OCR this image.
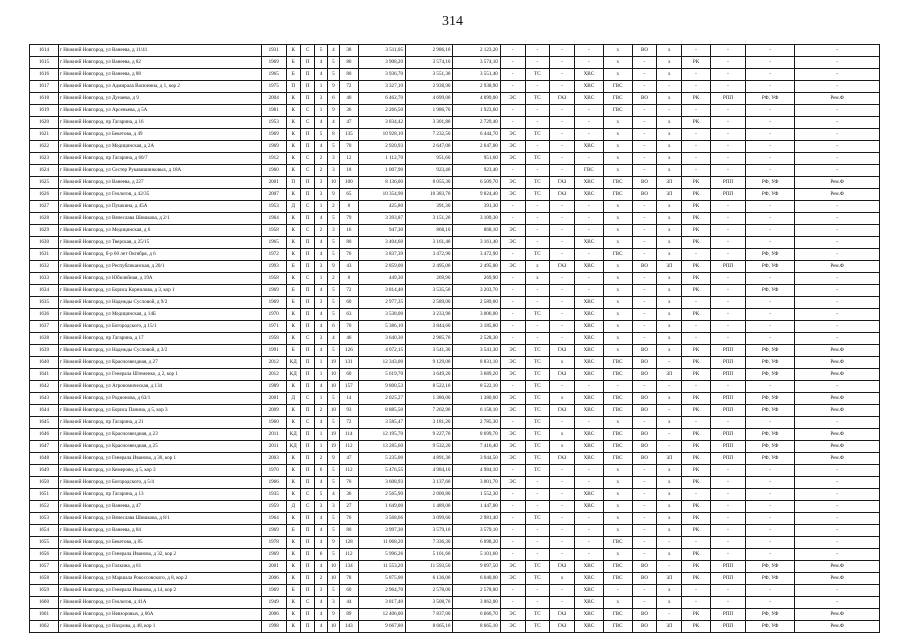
314
1614	г Нижний Новгород, ул Ванеева, д 11/41	1931	К	С	5	4	38	3 511,05	2 986,10	2 123,20	-	-	-	-	х	ВО	х	-	-	-	-
1615	г Нижний Новгород, ул Ванеева, д 82	1969	Б	П	4	5	80	3 908,20	3 574,10	3 574,10	-	-	-	-	х	-	х	РК	-	-	-
1616	г Нижний Новгород, ул Ванеева, д 88	1965	Б	П	4	5	80	3 936,70	3 551,30	3 551,40	-	ТС	-	ХВС	х	-	х	-	-	-	-
1617	г Нижний Новгород, ул Адмирала Васюнина, д 1, кор 2	1975	П	П	1	9	72	3 327,10	2 938,90	2 938,90	-	-	-	ХВС	ГВС	-	-	-	-	-	-
1618	г Нижний Новгород, ул Дунаева, д 9	2004	К	П	3	6	40	6 462,70	4 699,00	4 099,00	ЭС	ТС	ГАЗ	ХВС	ГВС	ВО	х	РК	РПП	РФ, УФ	Рем.Ф
1619	г Нижний Новгород, ул Арсеньева, д 5А	1981	К	С	1	9	36	2 266,50	1 986,70	1 923,60	-	-	-	-	ГВС	-	-	-	-	-	-
1620	г Нижний Новгород, пр Гагарина, д 16	1953	К	С	4	4	47	3 834,42	3 301,80	2 729,40	-	-	-	-	х	-	х	РК	-	-	-
1621	г Нижний Новгород, ул Бекетова, д 49	1969	К	П	5	8	135	10 928,10	7 232,50	6 444,70	ЭС	ТС	-	-	х	-	х	-	-	-	-
1622	г Нижний Новгород, ул Медицинская, д 2А	1969	К	П	4	5	70	2 920,93	2 647,00	2 647,00	ЭС	-	-	ХВС	х	-	х	-	-	-	-
1623	г Нижний Новгород, пр Гагарина, д 60/7	1912	К	С	2	3	12	1 112,70	951,60	951,60	ЭС	ТС	-	-	х	-	х	-	-	-	-
1624	г Нижний Новгород, ул Сестер Рукавишниковых, д 18А	1960	К	С	2	3	18	1 007,90	923,40	923,40	-	-	-	ГВС	х	-	х	-	-	-	-
1625	г Нижний Новгород, ул Ванеева, д 227	2001	П	П	3	10	100	8 136,00	8 055,30	6 509,70	ЭС	ТС	ГАЗ	ХВС	ГВС	ВО	ЗЛ	РК	РПП	РФ, УФ	Рем.Ф
1626	г Нижний Новгород, ул Геологов, д 42/35	2007	К	П	3	9	65	10 354,90	10 383,70	9 824,40	ЭС	ТС	ГАЗ	ХВС	ГВС	ВО	ЗЛ	РК	РПП	РФ, УФ	Рем.Ф
1627	г Нижний Новгород, ул Пушкина, д 45А	1953	Д	С	1	2	8	425,80	391,30	391,30	-	-	-	-	х	-	х	РК	-	-	-
1628	г Нижний Новгород, ул Вячеслава Шишкова, д 2/1	1964	К	П	4	5	79	3 393,87	3 151,20	3 109,30	-	-	-	-	х	-	х	РК	-	-	-
1629	г Нижний Новгород, ул Медицинская, д 6	1958	К	С	2	3	16	947,30	868,10	868,10	ЭС	-	-	-	х	-	х	РК	-	-	-
1630	г Нижний Новгород, ул Тверская, д 25/15	1965	К	П	4	5	80	3 404,60	3 161,40	3 161,40	ЭС	-	-	ХВС	х	-	х	РК	-	-	-
1631	г Нижний Новгород, б-р 60 лет Октября, д 6	1972	К	П	4	5	76	3 837,39	3 472,90	3 472,90	-	ТС	-	-	ГВС	-	х	-	-	РФ, УФ	-
1632	г Нижний Новгород, ул Республиканская, д 20/1	1993	Б	П	3	9	43	2 859,00	2 495,00	2 495,00	ЭС	х	ГАЗ	ХВС	х	ВО	ЗЛ	РК	РПП	РФ, УФ	Рем.Ф
1633	г Нижний Новгород, ул Юбилейная, д 19А	1958	К	С	1	2	8	449,30	269,90	269,90	-	х	-	-	х	-	х	РК	-	-	-
1634	г Нижний Новгород, ул Бориса Корнилова, д 3, кор 1	1969	Б	П	4	5	72	3 814,40	3 535,50	3 203,70	-	-	-	-	х	-	х	РК	-	РФ, УФ	-
1635	г Нижний Новгород, ул Надежды Сусловой, д 9/2	1969	Б	П	3	5	60	2 977,35	2 589,00	2 589,00	-	-	-	ХВС	х	-	х	-	-	-	-
1636	г Нижний Новгород, ул Медицинская, д 14Б	1970	К	П	4	5	63	3 538,00	3 233,90	3 006,00	-	ТС	-	ХВС	х	-	х	РК	-	-	-
1637	г Нижний Новгород, ул Богородского, д 15/1	1971	К	П	4	6	70	5 386,10	3 844,60	3 185,80	-	-	-	ХВС	х	-	х	-	-	-	-
1638	г Нижний Новгород, пр Гагарина, д 17	1958	К	С	3	4	46	3 640,30	2 985,70	2 528,30	-	-	-	ХВС	х	-	х	-	-	-	-
1639	г Нижний Новгород, ул Надежды Сусловой, д 3/2	1991	Б	П	4	5	126	4 072,15	3 541,30	3 541,30	ЭС	ТС	ГАЗ	ХВС	х	ВО	х	РК	РПП	РФ, УФ	Рем.Ф
1640	г Нижний Новгород, ул Краснозвездная, д 27	2012	КД	П	1	19	131	12 343,00	9 129,00	8 831,10	ЭС	ТС	х	ХВС	ГВС	ВО	-	РК	РПП	РФ, УФ	Рем.Ф
1641	г Нижний Новгород, ул Генерала Штеменко, д 2, кор 1	2012	КД	П	1	10	60	5 619,70	3 649,20	3 689,20	ЭС	ТС	ГАЗ	ХВС	ГВС	ВО	ЗЛ	РК	РПП	РФ, УФ	Рем.Ф
1642	г Нижний Новгород, ул Агрономическая, д 134	1989	К	П	4	10	157	9 800,53	8 522,10	8 522,10	-	ТС	-	-	-	-	-	-	-	-	-
1643	г Нижний Новгород, ул Родионова, д 63/1	2001	Д	С	1	5	14	2 025,27	1 380,00	1 380,00	ЭС	ТС	х	ХВС	ГВС	ВО	х	РК	РПП	РФ, УФ	Рем.Ф
1644	г Нижний Новгород, ул Бориса Панина, д 5, кор 3	2009	К	П	2	10	93	8 885,50	7 262,90	6 158,10	ЭС	ТС	ГАЗ	ХВС	ГВС	ВО	-	РК	РПП	РФ, УФ	Рем.Ф
1645	г Нижний Новгород, пр Гагарина, д 21	1960	К	С	4	5	72	3 585,47	3 181,20	2 785,30	-	ТС	-	-	х	-	х	-	-	-	-
1646	г Нижний Новгород, ул Краснозвездная, д 23	2011	КД	П	1	19	114	12 195,70	9 227,70	8 699,70	ЭС	ТС	х	ХВС	ГВС	ВО	-	РК	РПП	РФ, УФ	Рем.Ф
1647	г Нижний Новгород, ул Краснозвездная, д 25	2011	КД	П	1	19	112	13 285,60	9 532,20	7 416,40	ЭС	ТС	х	ХВС	ГВС	ВО	-	РК	РПП	РФ, УФ	Рем.Ф
1648	г Нижний Новгород, ул Генерала Иванова, д 30, кор 1	2003	К	П	2	9	47	5 235,00	4 891,30	3 944,50	ЭС	ТС	ГАЗ	ХВС	ГВС	ВО	ЗЛ	РК	РПП	РФ, УФ	Рем.Ф
1649	г Нижний Новгород, ул Кемерово, д 5, кор 3	1970	К	П	6	5	112	5 476,55	4 984,10	4 984,10	-	ТС	-	-	х	-	х	РК	-	-	-
1650	г Нижний Новгород, ул Богородского, д 5/4	1966	К	П	4	5	76	3 608,93	3 137,60	3 001,70	ЭС	-	-	-	х	-	х	РК	-	-	-
1651	г Нижний Новгород, пр Гагарина, д 13	1935	К	С	5	4	36	2 565,90	2 000,80	1 552,30	-	-	-	ХВС	х	-	х	-	-	-	-
1652	г Нижний Новгород, ул Ванеева, д 47	1959	Д	С	3	3	27	1 649,00	1 489,00	1 447,00	-	-	-	ХВС	х	-	х	РК	-	-	-
1653	г Нижний Новгород, ул Вячеслава Шишкова, д 8/1	1964	К	П	4	5	76	3 568,66	3 099,60	2 981,40	-	ТС	-	-	х	-	х	РК	-	-	-
1654	г Нижний Новгород, ул Ванеева, д 84	1969	Б	П	4	5	80	3 997,30	3 579,10	3 579,10	-	-	-	-	х	-	х	РК	-	-	-
1655	г Нижний Новгород, ул Бекетова, д 85	1978	К	П	4	9	128	11 068,20	7 336,30	6 098,20	-	-	-	-	ГВС	-	-	-	-	-	-
1656	г Нижний Новгород, ул Генерала Иванова, д 32, кор 2	1969	К	П	6	5	112	5 996,26	5 101,60	5 101,60	-	-	-	-	х	-	х	РК	-	-	-
1657	г Нижний Новгород, ул Голкина, д 61	2001	К	П	4	10	134	11 553,20	11 593,50	9 097,50	ЭС	ТС	ГАЗ	ХВС	ГВС	ВО	-	РК	РПП	РФ, УФ	Рем.Ф
1658	г Нижний Новгород, ул Маршала Рокоссовского, д 8, кор 2	2006	К	П	2	10	78	5 875,00	6 136,00	6 040,00	ЭС	ТС	х	ХВС	ГВС	ВО	ЗЛ	РК	РПП	РФ, УФ	Рем.Ф
1659	г Нижний Новгород, ул Генерала Иванова, д 14, кор 2	1969	Б	П	3	5	60	2 964,70	2 578,00	2 578,00	-	-	-	ХВС	-	-	х	-	-	-	-
1660	г Нижний Новгород, ул Геологов, д 41А	1949	К	С	4	3	44	3 817,40	3 508,70	3 062,00	-	-	-	ХВС	х	-	х	-	-	-	-
1661	г Нижний Новгород, ул Невзоровых, д 66А	2006	К	П	4	9	89	12 406,00	7 837,00	6 666,70	ЭС	ТС	ГАЗ	ХВС	ГВС	ВО	-	РК	РПП	РФ, УФ	Рем.Ф
1662	г Нижний Новгород, ул Нахрова, д 48, кор 1	1998	К	П	4	10	143	9 667,80	8 665,10	8 665,10	ЭС	ТС	ГАЗ	ХВС	ГВС	ВО	ЗЛ	РК	РПП	РФ, УФ	Рем.Ф
